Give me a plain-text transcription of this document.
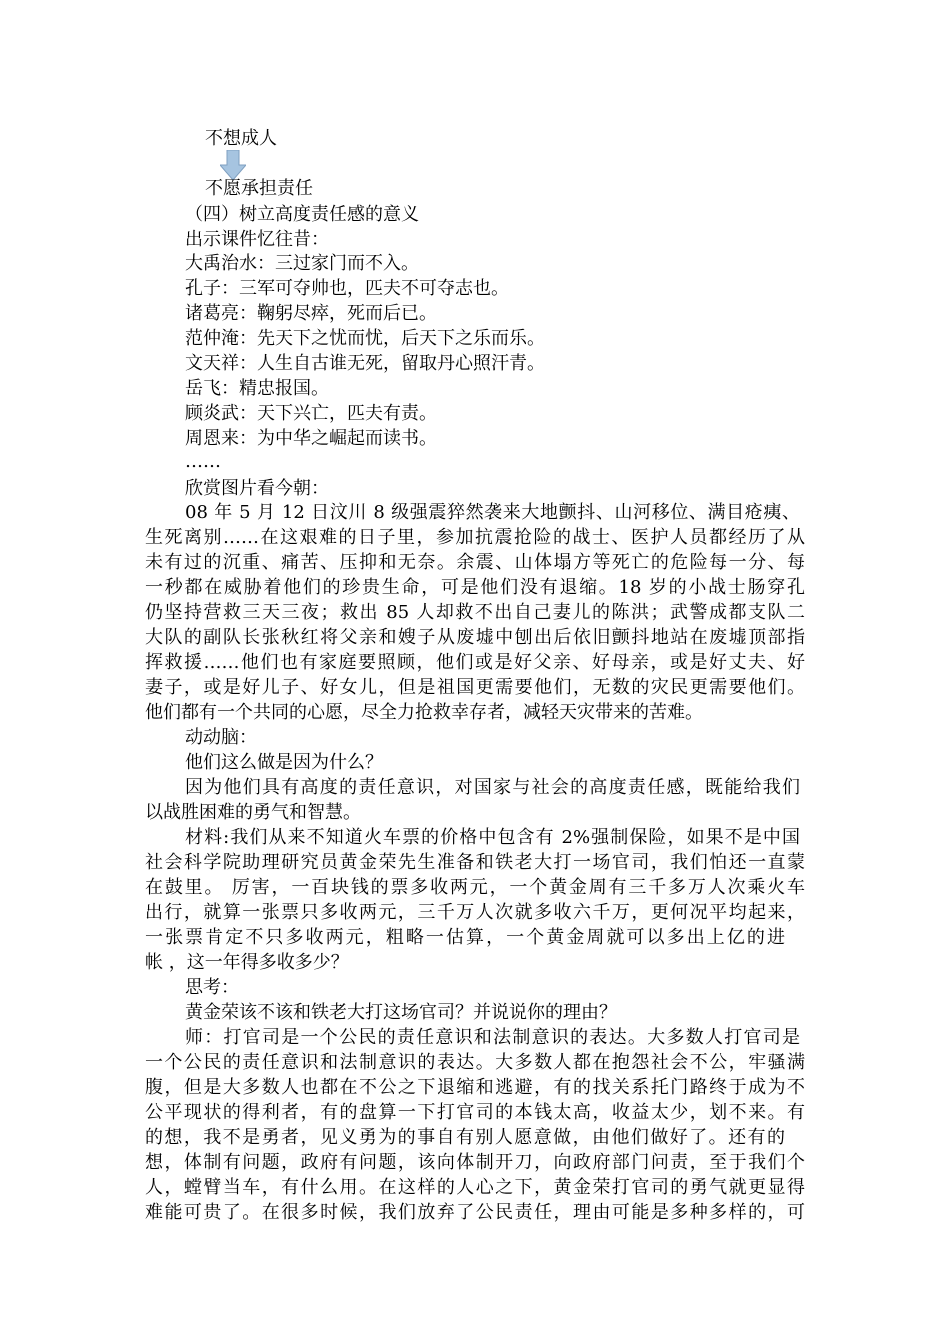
不想成人
不愿承担责任
（四）树立高度责任感的意义
出示课件忆往昔：
大禹治水：三过家门而不入。
孔子：三军可夺帅也，匹夫不可夺志也。
诸葛亮：鞠躬尽瘁，死而后已。
范仲淹：先天下之忧而忧，后天下之乐而乐。
文天祥：人生自古谁无死，留取丹心照汗青。
岳飞：精忠报国。
顾炎武：天下兴亡，匹夫有责。
周恩来：为中华之崛起而读书。
……
欣赏图片看今朝：
08 年 5 月 12 日汶川 8 级强震猝然袭来大地颤抖、山河移位、满目疮痍、
生死离别……在这艰难的日子里，参加抗震抢险的战士、医护人员都经历了从
未有过的沉重、痛苦、压抑和无奈。余震、山体塌方等死亡的危险每一分、每
一秒都在威胁着他们的珍贵生命，可是他们没有退缩。18 岁的小战士肠穿孔
仍坚持营救三天三夜；救出 85 人却救不出自己妻儿的陈洪；武警成都支队二
大队的副队长张秋红将父亲和嫂子从废墟中刨出后依旧颤抖地站在废墟顶部指
挥救援……他们也有家庭要照顾，他们或是好父亲、好母亲，或是好丈夫、好
妻子，或是好儿子、好女儿，但是祖国更需要他们，无数的灾民更需要他们。
他们都有一个共同的心愿，尽全力抢救幸存者，减轻天灾带来的苦难。
动动脑：
他们这么做是因为什么？
因为他们具有高度的责任意识，对国家与社会的高度责任感，既能给我们
以战胜困难的勇气和智慧。
材料:我们从来不知道火车票的价格中包含有 2%强制保险，如果不是中国
社会科学院助理研究员黄金荣先生准备和铁老大打一场官司，我们怕还一直蒙
在鼓里。 厉害，一百块钱的票多收两元，一个黄金周有三千多万人次乘火车
出行，就算一张票只多收两元，三千万人次就多收六千万，更何况平均起来，
一张票肯定不只多收两元，粗略一估算，一个黄金周就可以多出上亿的进
帐 ，这一年得多收多少？
思考：
黄金荣该不该和铁老大打这场官司？并说说你的理由？
师：打官司是一个公民的责任意识和法制意识的表达。大多数人打官司是
一个公民的责任意识和法制意识的表达。大多数人都在抱怨社会不公，牢骚满
腹，但是大多数人也都在不公之下退缩和逃避，有的找关系托门路终于成为不
公平现状的得利者，有的盘算一下打官司的本钱太高，收益太少，划不来。有
的想，我不是勇者，见义勇为的事自有别人愿意做，由他们做好了。还有的
想，体制有问题，政府有问题，该向体制开刀，向政府部门问责，至于我们个
人，螳臂当车，有什么用。在这样的人心之下，黄金荣打官司的勇气就更显得
难能可贵了。在很多时候，我们放弃了公民责任，理由可能是多种多样的，可
